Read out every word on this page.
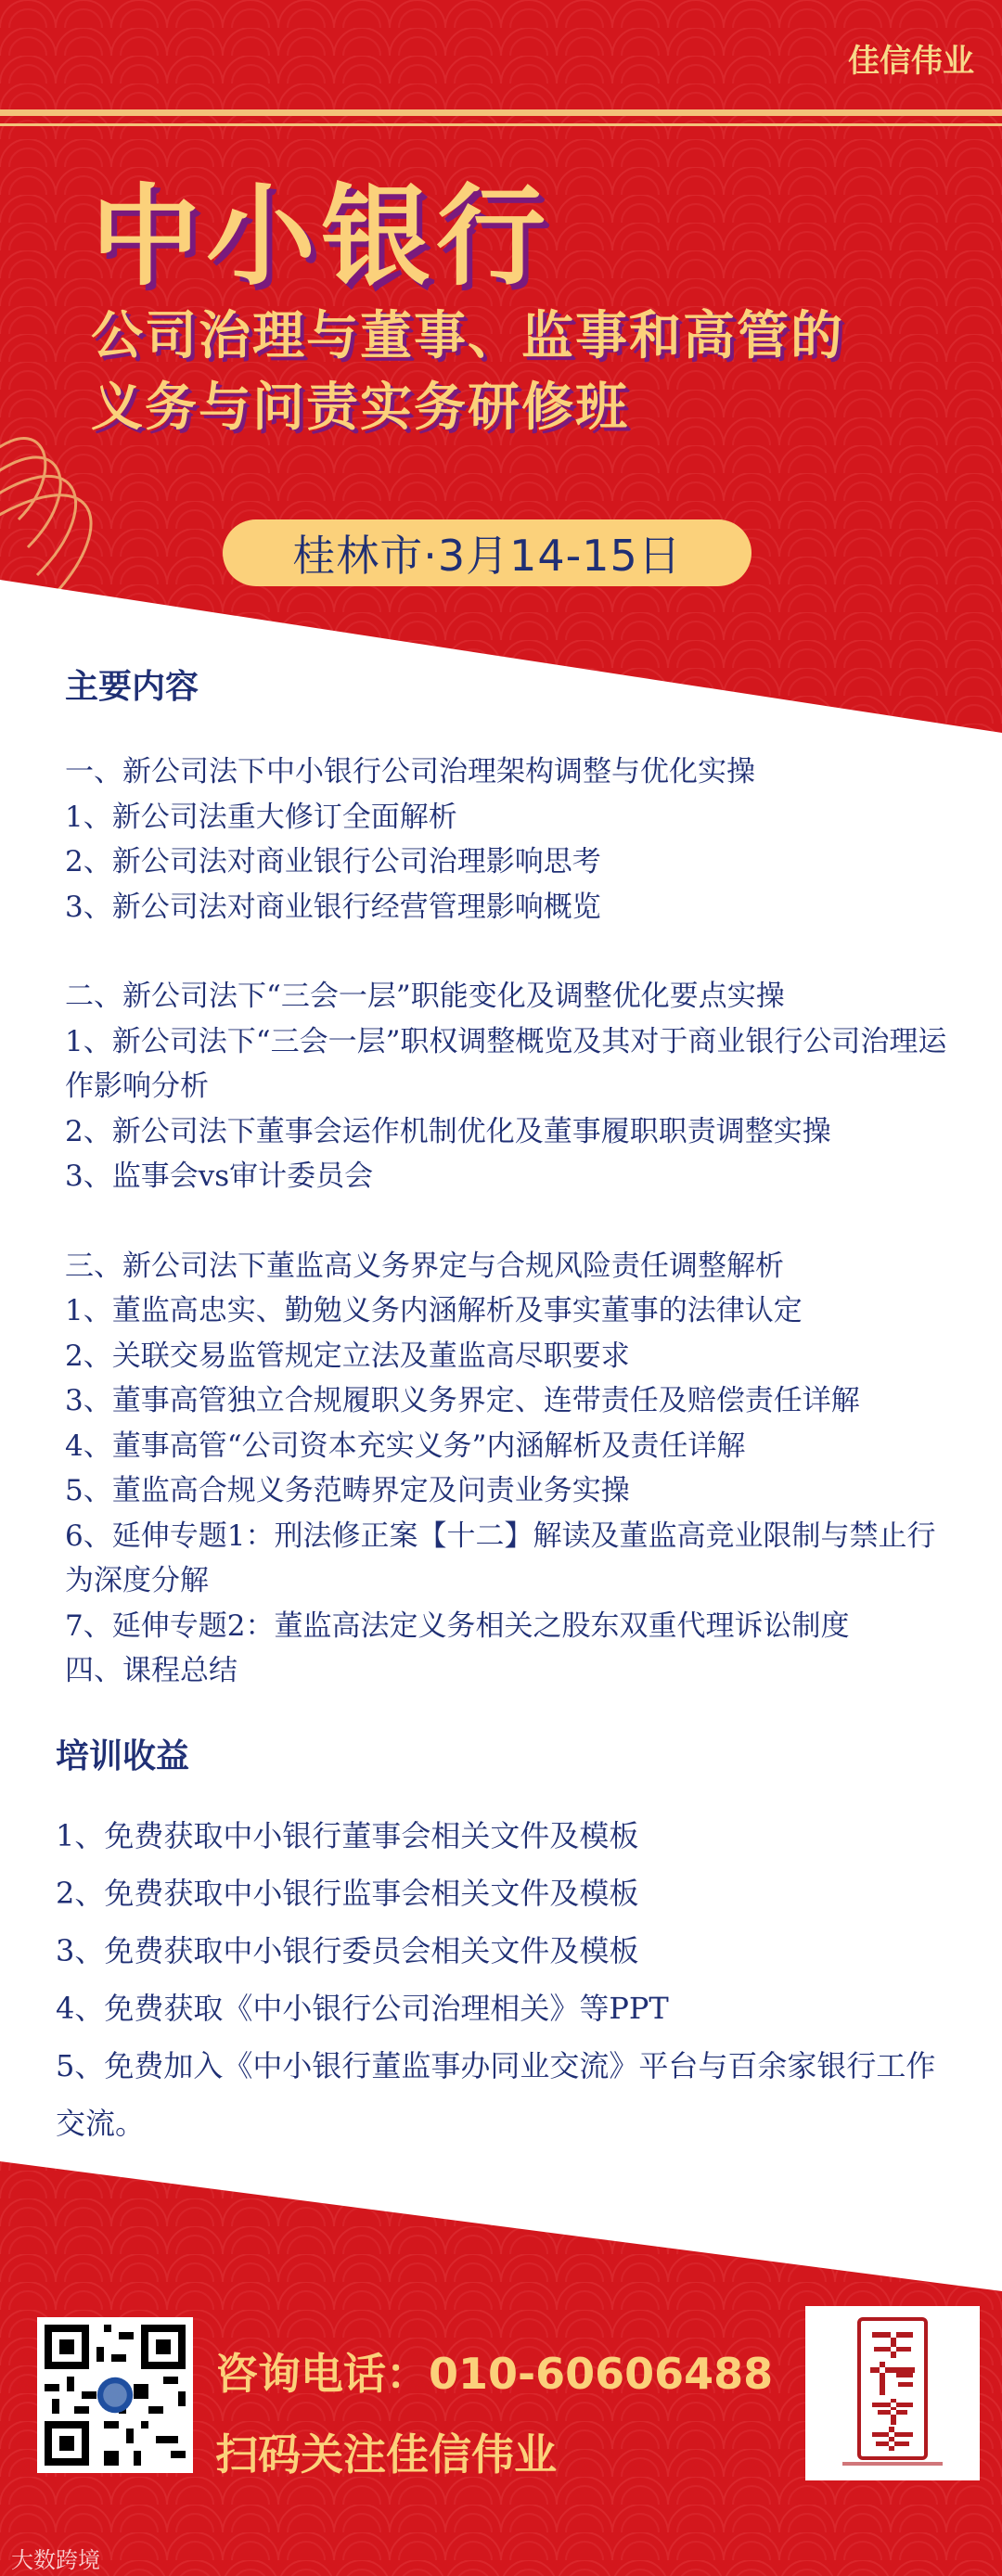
佳信伟业
中小银行
公司治理与董事、监事和高管的
义务与问责实务研修班
桂林市·3月14-15日
主要内容
一、新公司法下中小银行公司治理架构调整与优化实操
1、新公司法重大修订全面解析
2、新公司法对商业银行公司治理影响思考
3、新公司法对商业银行经营管理影响概览
二、新公司法下“三会一层”职能变化及调整优化要点实操
1、新公司法下“三会一层”职权调整概览及其对于商业银行公司治理运作影响分析
2、新公司法下董事会运作机制优化及董事履职职责调整实操
3、监事会vs审计委员会
三、新公司法下董监高义务界定与合规风险责任调整解析
1、董监高忠实、勤勉义务内涵解析及事实董事的法律认定
2、关联交易监管规定立法及董监高尽职要求
3、董事高管独立合规履职义务界定、连带责任及赔偿责任详解
4、董事高管“公司资本充实义务”内涵解析及责任详解
5、董监高合规义务范畴界定及问责业务实操
6、延伸专题1：刑法修正案【十二】解读及董监高竞业限制与禁止行为深度分解
7、延伸专题2：董监高法定义务相关之股东双重代理诉讼制度
四、课程总结
培训收益
1、免费获取中小银行董事会相关文件及模板
2、免费获取中小银行监事会相关文件及模板
3、免费获取中小银行委员会相关文件及模板
4、免费获取《中小银行公司治理相关》等PPT
5、免费加入《中小银行董监事办同业交流》平台与百余家银行工作交流。
咨询电话：010-60606488
扫码关注佳信伟业
大数跨境
